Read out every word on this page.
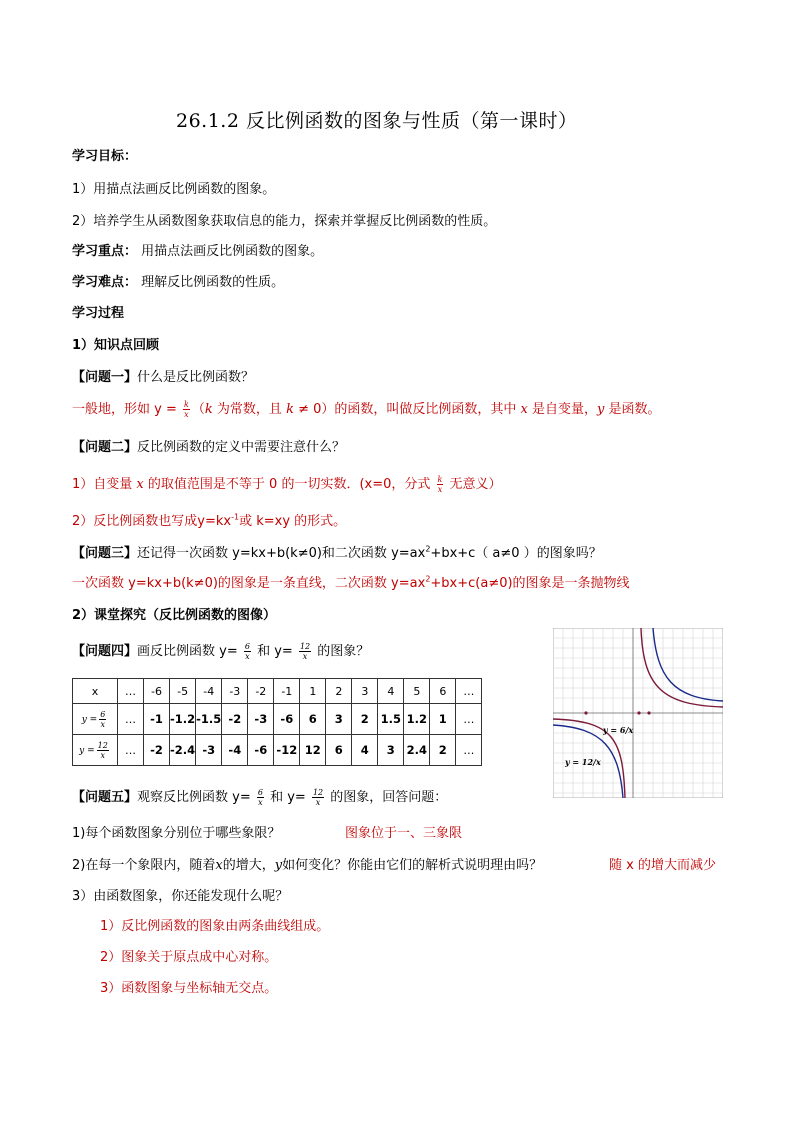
26.1.2 反比例函数的图象与性质（第一课时）
学习目标：
1）用描点法画反比例函数的图象。
2）培养学生从函数图象获取信息的能力，探索并掌握反比例函数的性质。
学习重点： 用描点法画反比例函数的图象。
学习难点： 理解反比例函数的性质。
学习过程
1）知识点回顾
【问题一】什么是反比例函数？
一般地，形如 $y = \frac{k}{x} (k$ 为常数，且 k ≠ 0）的函数，叫做反比例函数，其中 x 是自变量，y 是函数。
【问题二】反比例函数的定义中需要注意什么？
1）自变量 x 的取值范围是不等于 0 的一切实数．(x=0，分式 $\frac{k}{x}$ 无意义）
2）反比例函数也写成$y=kx^{-1}$或 k=xy 的形式。
【问题三】还记得一次函数 y=kx+b(k≠0)和二次函数 $y=ax^2+bx+c$（ a≠0 ）的图象吗？
一次函数 y=kx+b(k≠0)的图象是一条直线，二次函数 $y=ax^2+bx+c(a\ne 0)$的图象是一条抛物线
2）课堂探究（反比例函数的图像）
【问题四】画反比例函数 $y= \frac{6}{x}$ 和 $y= \frac{12}{x}$ 的图象？
x	…	-6	-5	-4	-3	-2	-1	1	2	3	4	5	6	…
$y = \frac{6}{x}$	…	-1	-1.2	-1.5	-2	-3	-6	6	3	2	1.5	1.2	1	…
$y = \frac{12}{x}$	…	-2	-2.4	-3	-4	-6	-12	12	6	4	3	2.4	2	…
y = 6/x
y = 12/x
【问题五】观察反比例函数 $y= \frac{6}{x}$ 和 $y= \frac{12}{x}$ 的图象，回答问题：
1)每个函数图象分别位于哪些象限？	图象位于一、三象限
2)在每一个象限内，随着x的增大，y如何变化？你能由它们的解析式说明理由吗？	随 x 的增大而减少
3）由函数图象，你还能发现什么呢？
1）反比例函数的图象由两条曲线组成。
2）图象关于原点成中心对称。
3）函数图象与坐标轴无交点。
